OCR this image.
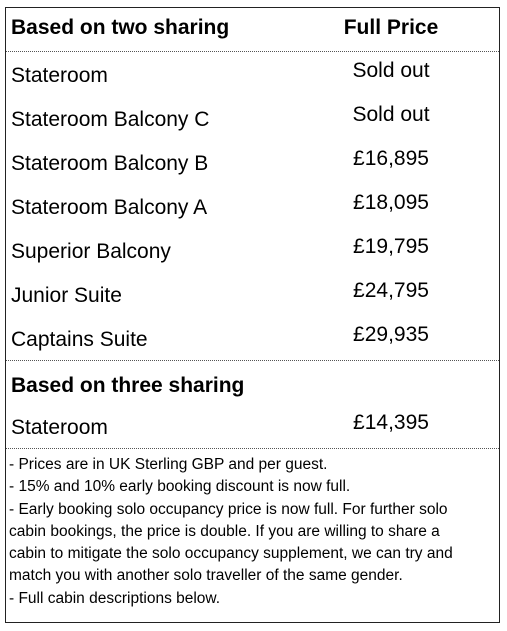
Based on two sharing	Full Price
Stateroom	Sold out
Stateroom Balcony C	Sold out
Stateroom Balcony B	£16,895
Stateroom Balcony A	£18,095
Superior Balcony	£19,795
Junior Suite	£24,795
Captains Suite	£29,935
Based on three sharing
Stateroom	£14,395
- Prices are in UK Sterling GBP and per guest.
- 15% and 10% early booking discount is now full.
- Early booking solo occupancy price is now full. For further solo
cabin bookings, the price is double. If you are willing to share a
cabin to mitigate the solo occupancy supplement, we can try and
match you with another solo traveller of the same gender.
- Full cabin descriptions below.
